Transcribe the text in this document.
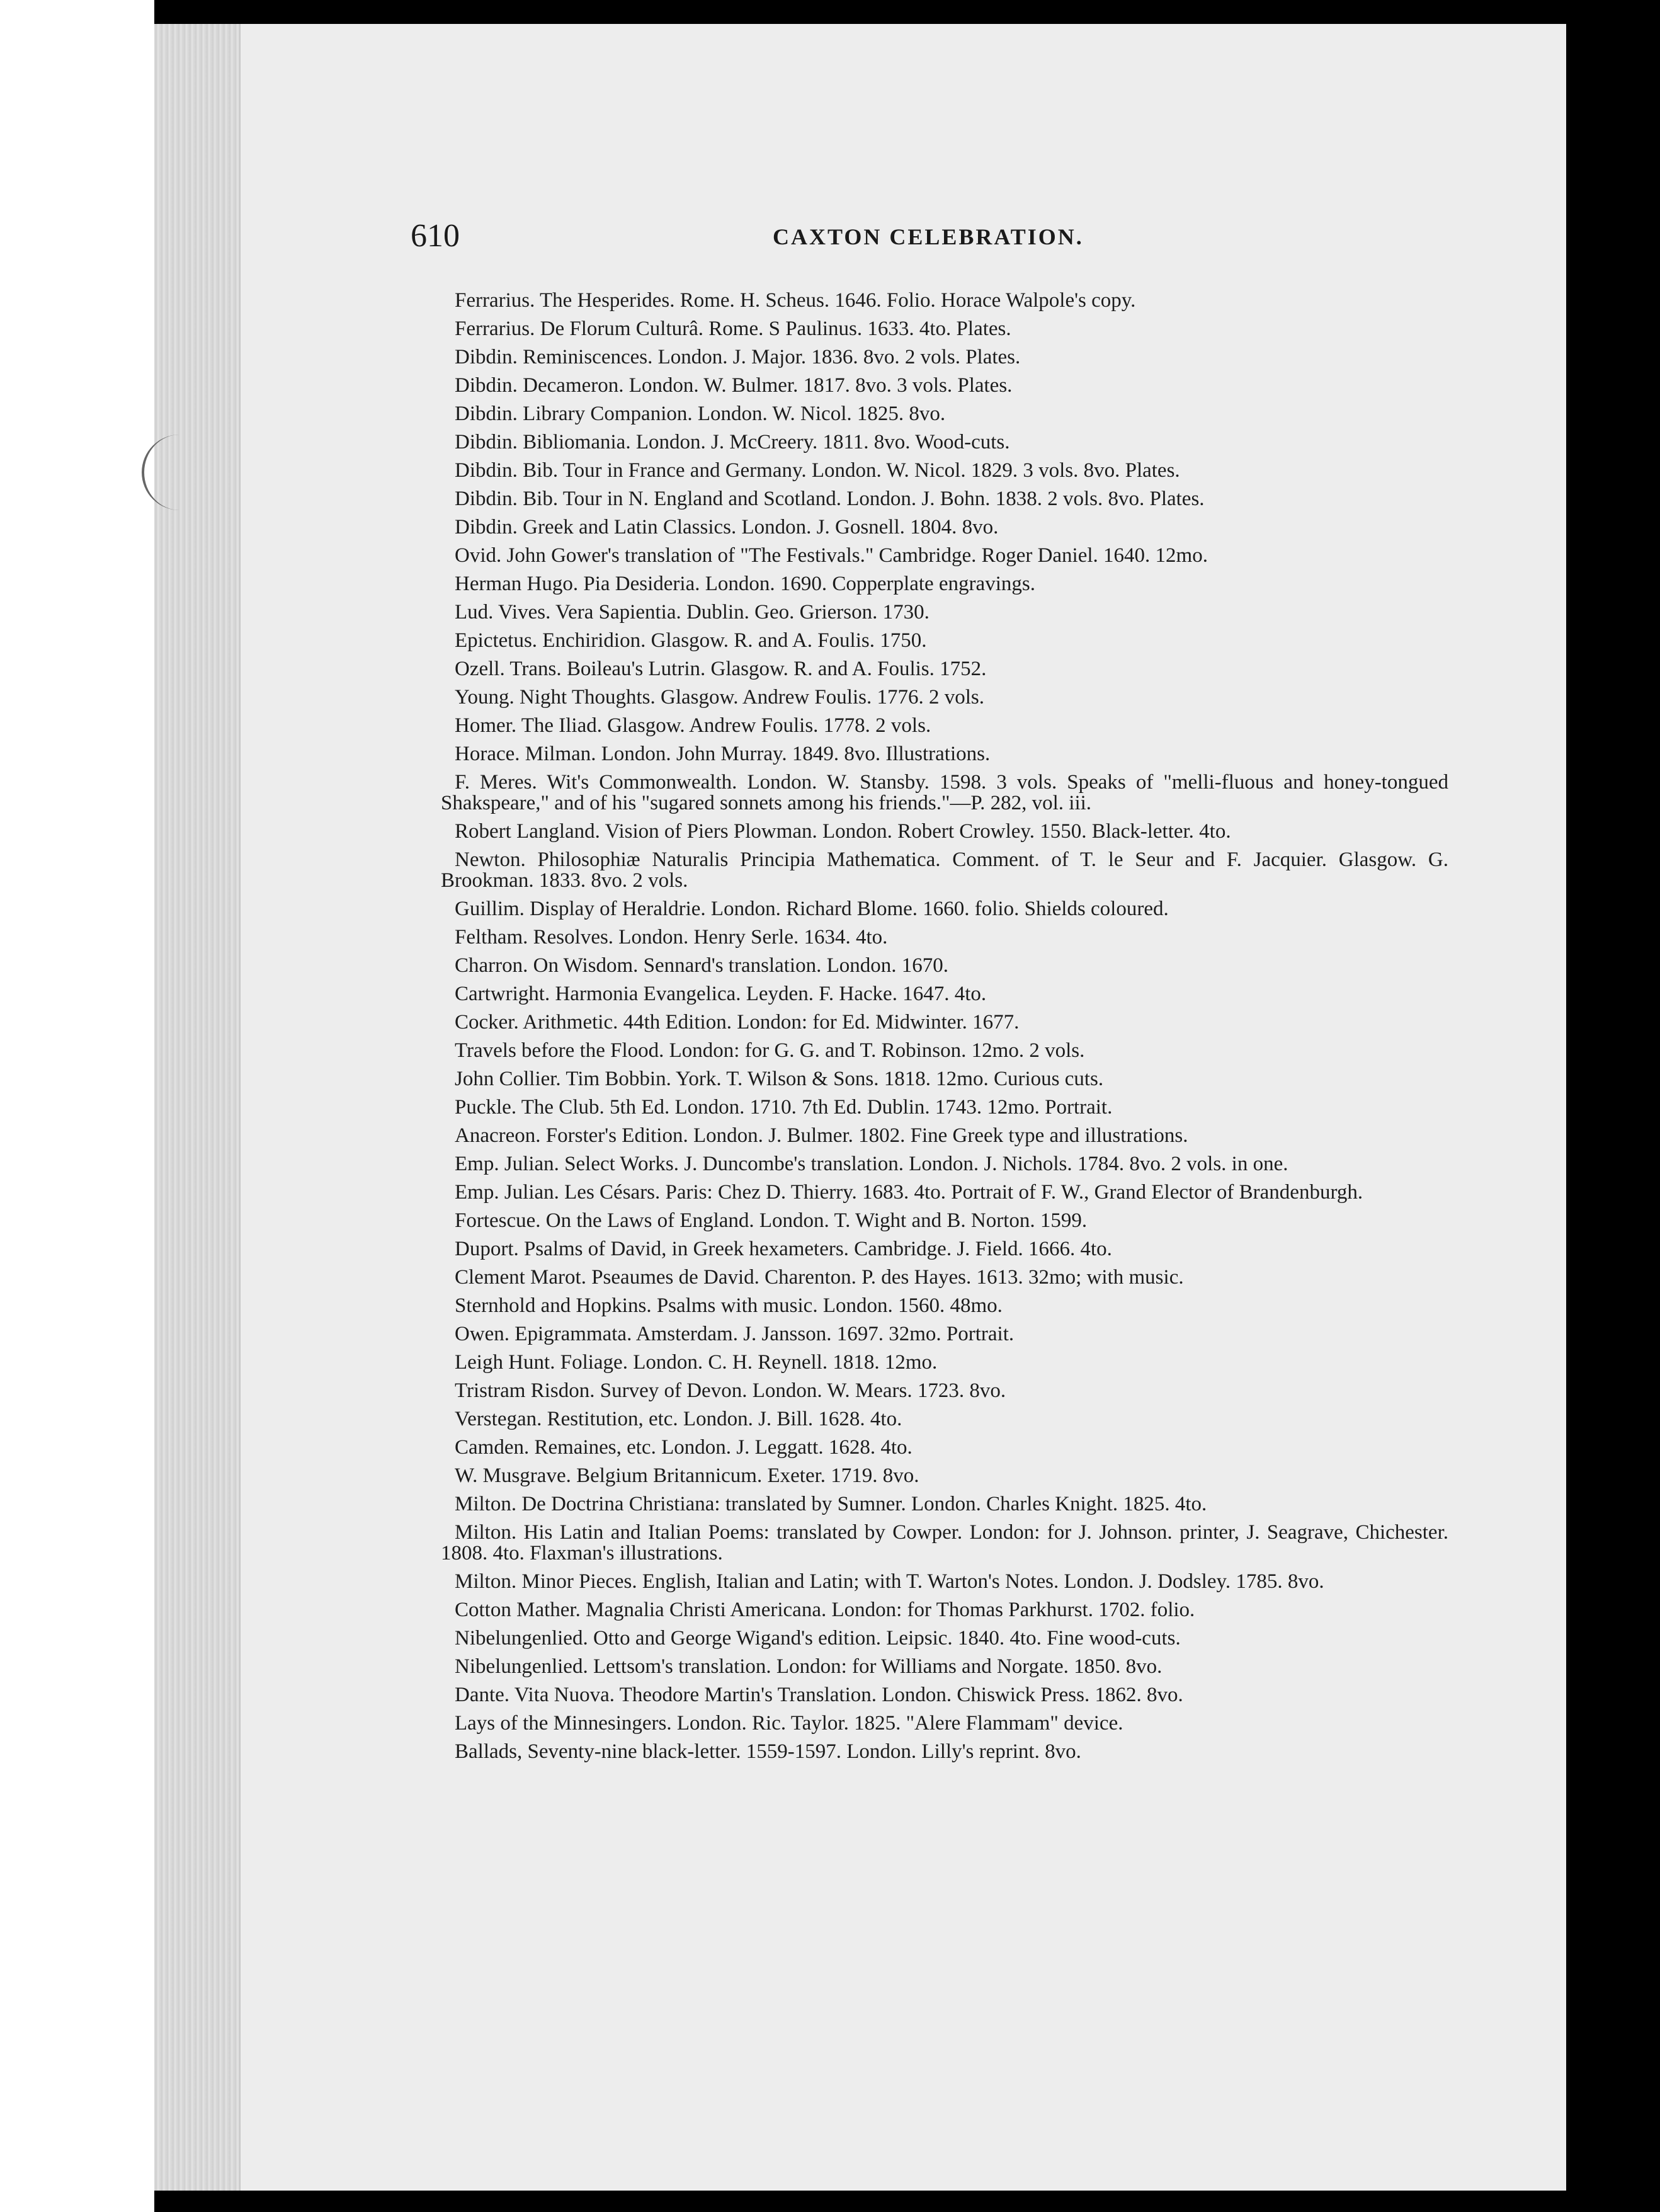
610	CAXTON CELEBRATION.
Ferrarius. The Hesperides. Rome. H. Scheus. 1646. Folio. Horace Walpole's copy.
Ferrarius. De Florum Culturâ. Rome. S Paulinus. 1633. 4to. Plates.
Dibdin. Reminiscences. London. J. Major. 1836. 8vo. 2 vols. Plates.
Dibdin. Decameron. London. W. Bulmer. 1817. 8vo. 3 vols. Plates.
Dibdin. Library Companion. London. W. Nicol. 1825. 8vo.
Dibdin. Bibliomania. London. J. McCreery. 1811. 8vo. Wood-cuts.
Dibdin. Bib. Tour in France and Germany. London. W. Nicol. 1829. 3 vols. 8vo. Plates.
Dibdin. Bib. Tour in N. England and Scotland. London. J. Bohn. 1838. 2 vols. 8vo. Plates.
Dibdin. Greek and Latin Classics. London. J. Gosnell. 1804. 8vo.
Ovid. John Gower's translation of "The Festivals." Cambridge. Roger Daniel. 1640. 12mo.
Herman Hugo. Pia Desideria. London. 1690. Copperplate engravings.
Lud. Vives. Vera Sapientia. Dublin. Geo. Grierson. 1730.
Epictetus. Enchiridion. Glasgow. R. and A. Foulis. 1750.
Ozell. Trans. Boileau's Lutrin. Glasgow. R. and A. Foulis. 1752.
Young. Night Thoughts. Glasgow. Andrew Foulis. 1776. 2 vols.
Homer. The Iliad. Glasgow. Andrew Foulis. 1778. 2 vols.
Horace. Milman. London. John Murray. 1849. 8vo. Illustrations.
F. Meres. Wit's Commonwealth. London. W. Stansby. 1598. 3 vols. Speaks of "melli-fluous and honey-tongued Shakspeare," and of his "sugared sonnets among his friends."—P. 282, vol. iii.
Robert Langland. Vision of Piers Plowman. London. Robert Crowley. 1550. Black-letter. 4to.
Newton. Philosophiæ Naturalis Principia Mathematica. Comment. of T. le Seur and F. Jacquier. Glasgow. G. Brookman. 1833. 8vo. 2 vols.
Guillim. Display of Heraldrie. London. Richard Blome. 1660. folio. Shields coloured.
Feltham. Resolves. London. Henry Serle. 1634. 4to.
Charron. On Wisdom. Sennard's translation. London. 1670.
Cartwright. Harmonia Evangelica. Leyden. F. Hacke. 1647. 4to.
Cocker. Arithmetic. 44th Edition. London: for Ed. Midwinter. 1677.
Travels before the Flood. London: for G. G. and T. Robinson. 12mo. 2 vols.
John Collier. Tim Bobbin. York. T. Wilson & Sons. 1818. 12mo. Curious cuts.
Puckle. The Club. 5th Ed. London. 1710. 7th Ed. Dublin. 1743. 12mo. Portrait.
Anacreon. Forster's Edition. London. J. Bulmer. 1802. Fine Greek type and illustrations.
Emp. Julian. Select Works. J. Duncombe's translation. London. J. Nichols. 1784. 8vo. 2 vols. in one.
Emp. Julian. Les Césars. Paris: Chez D. Thierry. 1683. 4to. Portrait of F. W., Grand Elector of Brandenburgh.
Fortescue. On the Laws of England. London. T. Wight and B. Norton. 1599.
Duport. Psalms of David, in Greek hexameters. Cambridge. J. Field. 1666. 4to.
Clement Marot. Pseaumes de David. Charenton. P. des Hayes. 1613. 32mo; with music.
Sternhold and Hopkins. Psalms with music. London. 1560. 48mo.
Owen. Epigrammata. Amsterdam. J. Jansson. 1697. 32mo. Portrait.
Leigh Hunt. Foliage. London. C. H. Reynell. 1818. 12mo.
Tristram Risdon. Survey of Devon. London. W. Mears. 1723. 8vo.
Verstegan. Restitution, etc. London. J. Bill. 1628. 4to.
Camden. Remaines, etc. London. J. Leggatt. 1628. 4to.
W. Musgrave. Belgium Britannicum. Exeter. 1719. 8vo.
Milton. De Doctrina Christiana: translated by Sumner. London. Charles Knight. 1825. 4to.
Milton. His Latin and Italian Poems: translated by Cowper. London: for J. Johnson. printer, J. Seagrave, Chichester. 1808. 4to. Flaxman's illustrations.
Milton. Minor Pieces. English, Italian and Latin; with T. Warton's Notes. London. J. Dodsley. 1785. 8vo.
Cotton Mather. Magnalia Christi Americana. London: for Thomas Parkhurst. 1702. folio.
Nibelungenlied. Otto and George Wigand's edition. Leipsic. 1840. 4to. Fine wood-cuts.
Nibelungenlied. Lettsom's translation. London: for Williams and Norgate. 1850. 8vo.
Dante. Vita Nuova. Theodore Martin's Translation. London. Chiswick Press. 1862. 8vo.
Lays of the Minnesingers. London. Ric. Taylor. 1825. "Alere Flammam" device.
Ballads, Seventy-nine black-letter. 1559-1597. London. Lilly's reprint. 8vo.
